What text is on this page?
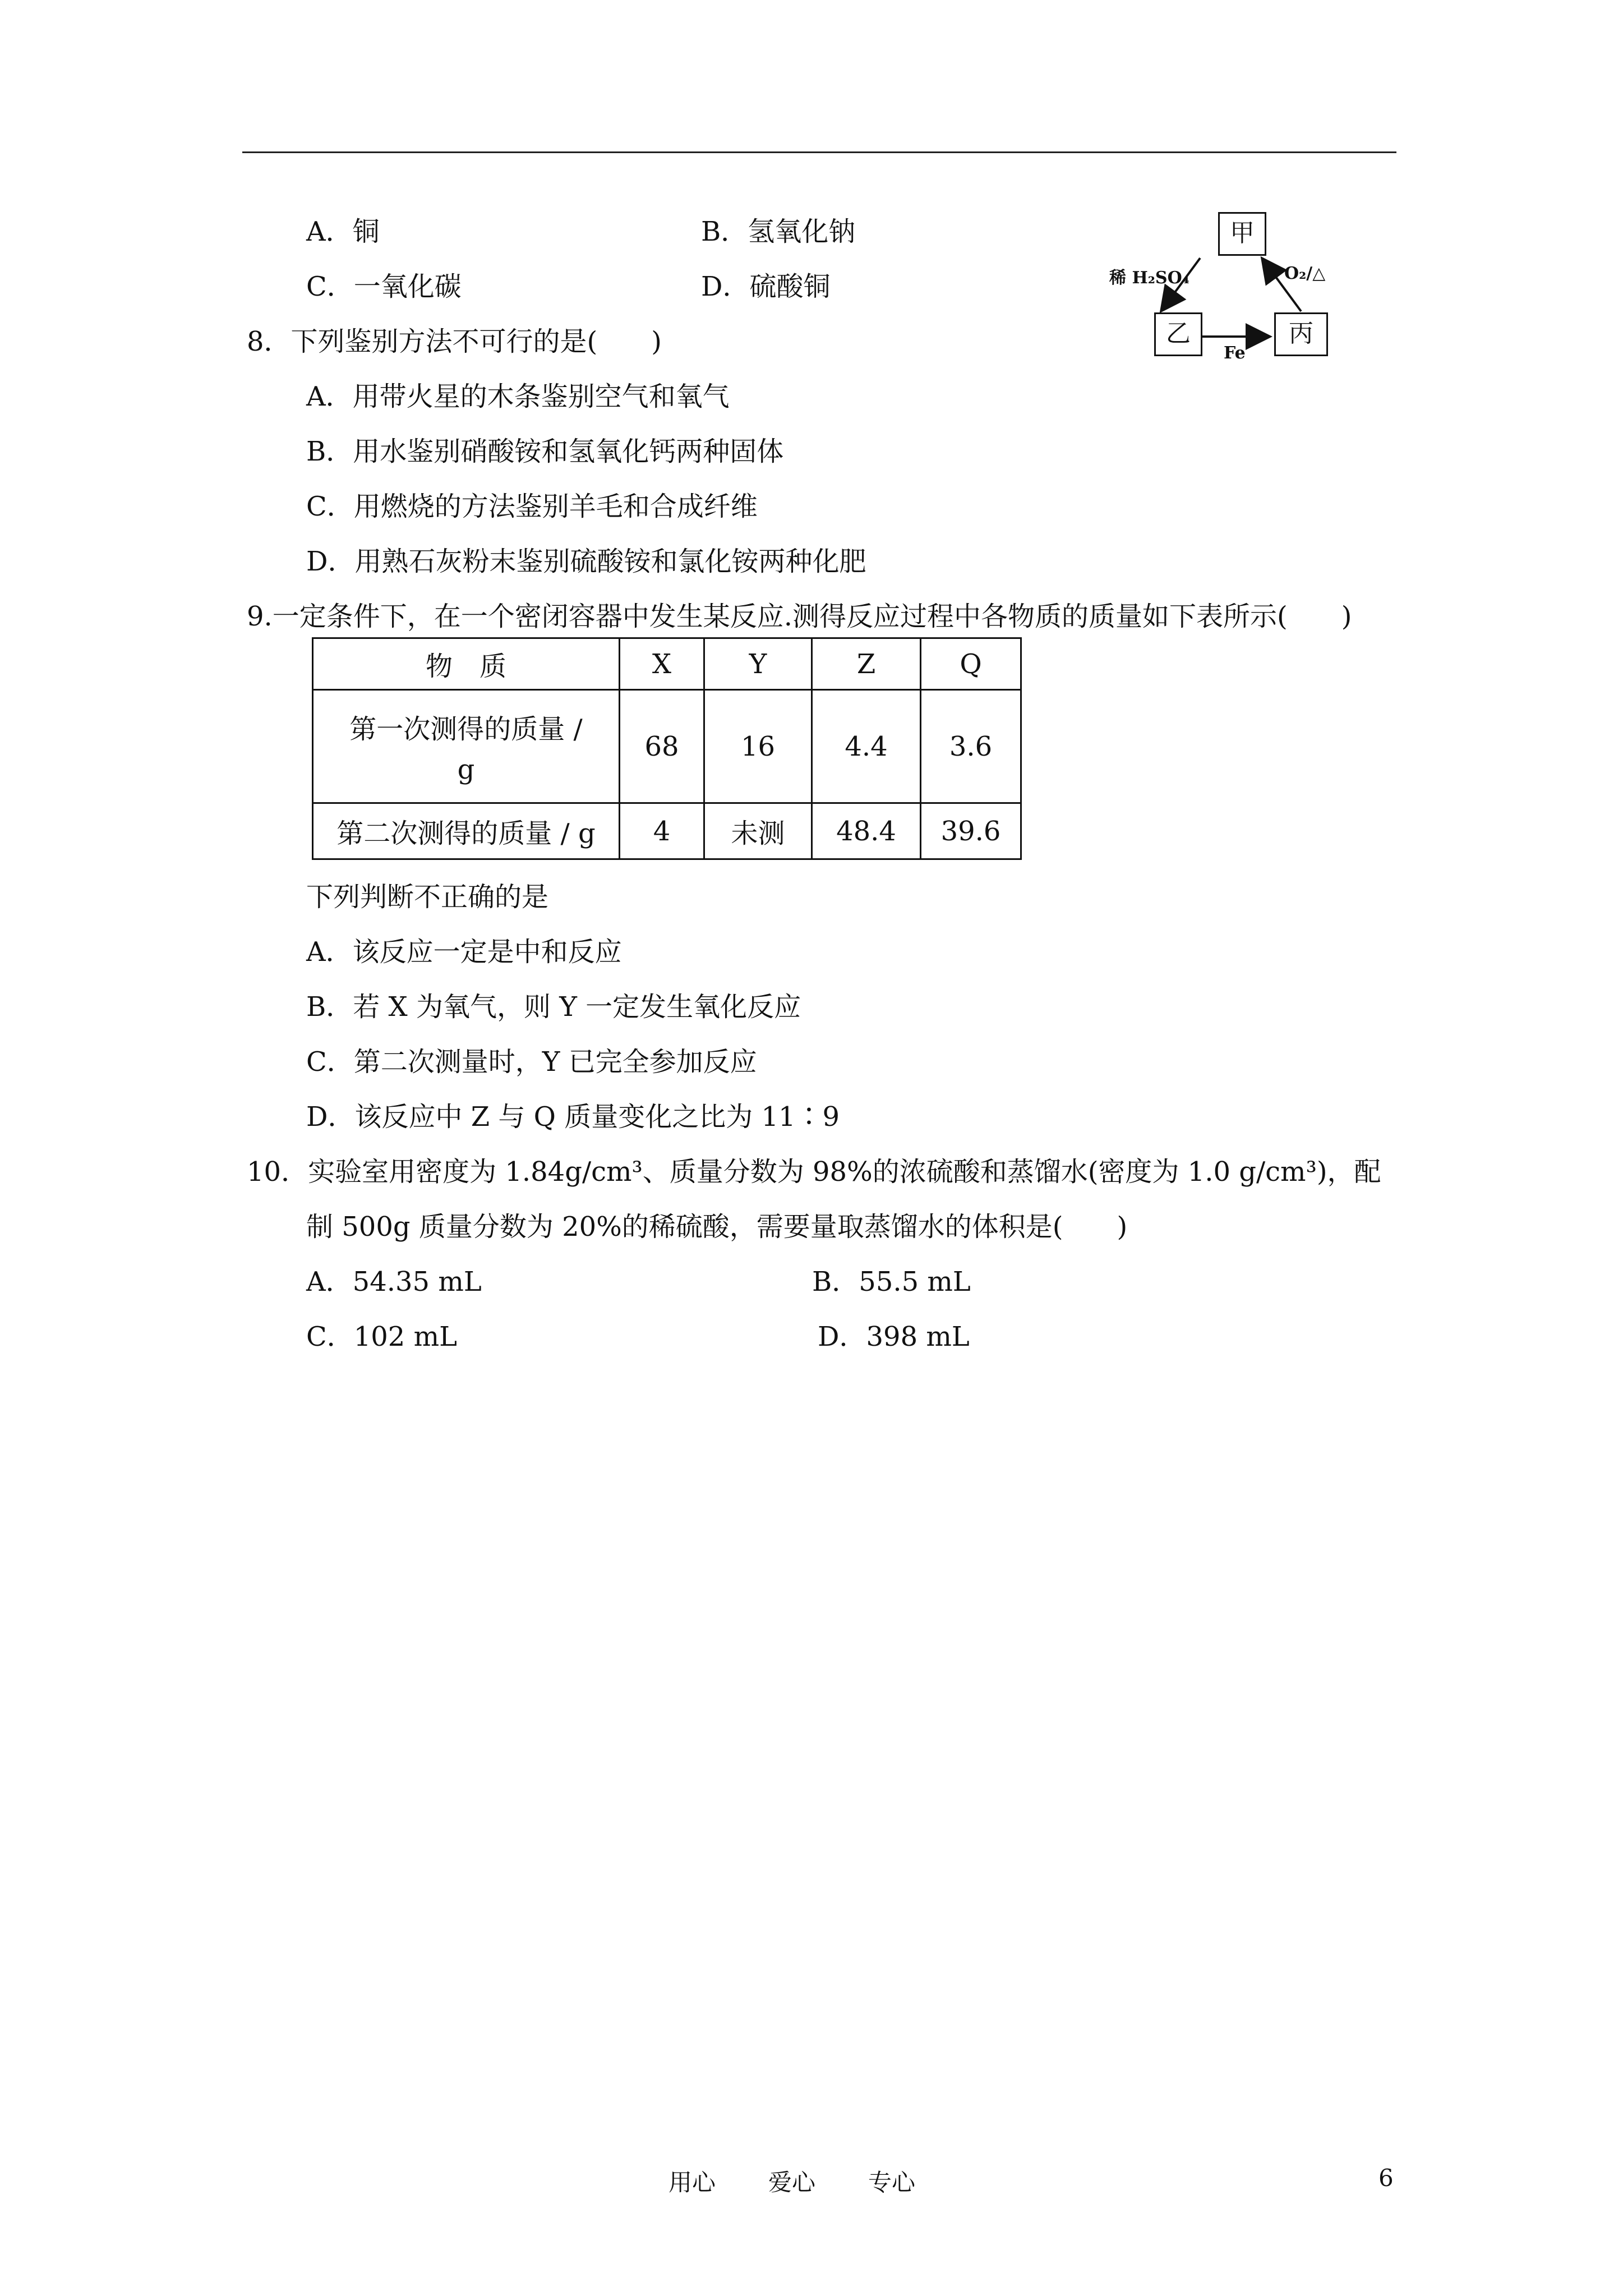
A．铜	B．氢氧化钠
C．一氧化碳	D．硫酸铜
甲
乙	丙
稀 H₂SO₄	O₂/△
Fe
8．下列鉴别方法不可行的是(　　)
A．用带火星的木条鉴别空气和氧气
B．用水鉴别硝酸铵和氢氧化钙两种固体
C．用燃烧的方法鉴别羊毛和合成纤维
D．用熟石灰粉末鉴别硫酸铵和氯化铵两种化肥
9.一定条件下，在一个密闭容器中发生某反应.测得反应过程中各物质的质量如下表所示(　　)
物　质	X	Y	Z	Q

第一次测得的质量 /
g	68	16	4.4	3.6
第二次测得的质量 / g	4	未测	48.4	39.6
下列判断不正确的是
A．该反应一定是中和反应
B．若 X 为氧气，则 Y 一定发生氧化反应
C．第二次测量时，Y 已完全参加反应
D．该反应中 Z 与 Q 质量变化之比为 11∶9
10．实验室用密度为 1.84g/cm³、质量分数为 98%的浓硫酸和蒸馏水(密度为 1.0 g/cm³)，配
制 500g 质量分数为 20%的稀硫酸，需要量取蒸馏水的体积是(　　)
A．54.35 mL	B．55.5 mL
C．102 mL	D．398 mL
用心 爱心 专心	6
